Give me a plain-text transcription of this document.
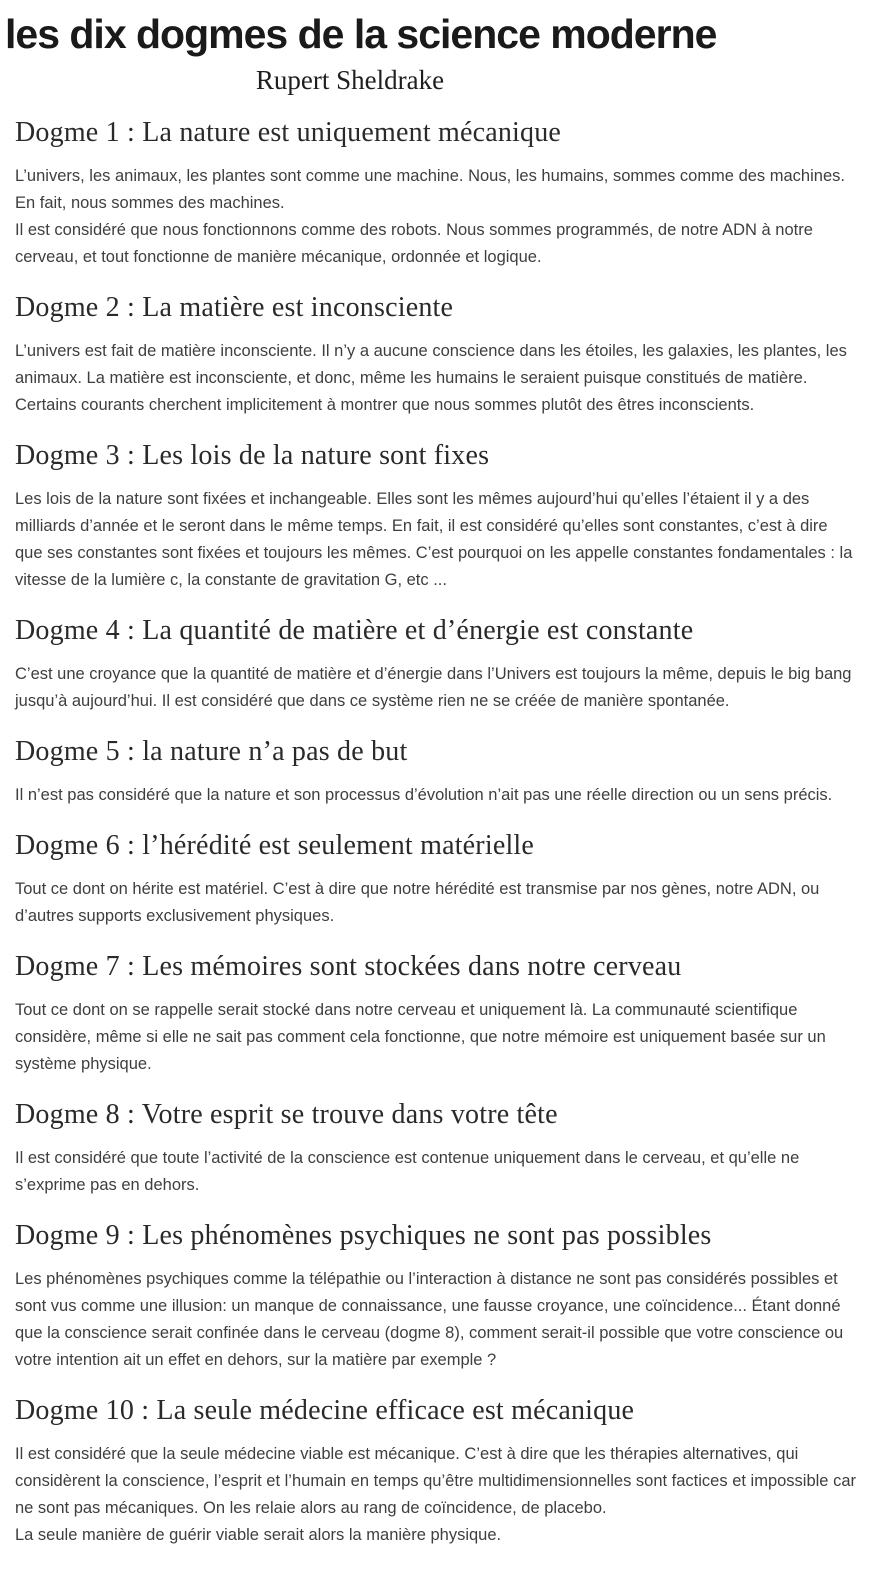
les dix dogmes de la science moderne
Rupert Sheldrake
Dogme 1 : La nature est uniquement mécanique

L’univers, les animaux, les plantes sont comme une machine. Nous, les humains, sommes comme des machines. En fait, nous sommes des machines.

Il est considéré que nous fonctionnons comme des robots. Nous sommes programmés, de notre ADN à notre cerveau, et tout fonctionne de manière mécanique, ordonnée et logique.

Dogme 2 : La matière est inconsciente

L’univers est fait de matière inconsciente. Il n’y a aucune conscience dans les étoiles, les galaxies, les plantes, les animaux. La matière est inconsciente, et donc, même les humains le seraient puisque constitués de matière. Certains courants cherchent implicitement à montrer que nous sommes plutôt des êtres inconscients.

Dogme 3 : Les lois de la nature sont fixes

Les lois de la nature sont fixées et inchangeable. Elles sont les mêmes aujourd’hui qu’elles l’étaient il y a des milliards d’année et le seront dans le même temps. En fait, il est considéré qu’elles sont constantes, c’est à dire que ses constantes sont fixées et toujours les mêmes. C’est pourquoi on les appelle constantes fondamentales : la vitesse de la lumière c, la constante de gravitation G, etc ...

Dogme 4 : La quantité de matière et d’énergie est constante

C’est une croyance que la quantité de matière et d’énergie dans l’Univers est toujours la même, depuis le big bang jusqu’à aujourd’hui. Il est considéré que dans ce système rien ne se créée de manière spontanée.

Dogme 5 : la nature n’a pas de but

Il n’est pas considéré que la nature et son processus d’évolution n’ait pas une réelle direction ou un sens précis.

Dogme 6 : l’hérédité est seulement matérielle

Tout ce dont on hérite est matériel. C’est à dire que notre hérédité est transmise par nos gènes, notre ADN, ou d’autres supports exclusivement physiques.

Dogme 7 : Les mémoires sont stockées dans notre cerveau

Tout ce dont on se rappelle serait stocké dans notre cerveau et uniquement là. La communauté scientifique considère, même si elle ne sait pas comment cela fonctionne, que notre mémoire est uniquement basée sur un système physique.

Dogme 8 : Votre esprit se trouve dans votre tête

Il est considéré que toute l’activité de la conscience est contenue uniquement dans le cerveau, et qu’elle ne s’exprime pas en dehors.

Dogme 9 : Les phénomènes psychiques ne sont pas possibles

Les phénomènes psychiques comme la télépathie ou l’interaction à distance ne sont pas considérés possibles et sont vus comme une illusion: un manque de connaissance, une fausse croyance, une coïncidence... Étant donné que la conscience serait confinée dans le cerveau (dogme 8), comment serait-il possible que votre conscience ou votre intention ait un effet en dehors, sur la matière par exemple ?

Dogme 10 : La seule médecine efficace est mécanique

Il est considéré que la seule médecine viable est mécanique. C’est à dire que les thérapies alternatives, qui considèrent la conscience, l’esprit et l’humain en temps qu’être multidimensionnelles sont factices et impossible car ne sont pas mécaniques. On les relaie alors au rang de coïncidence, de placebo.

La seule manière de guérir viable serait alors la manière physique.
